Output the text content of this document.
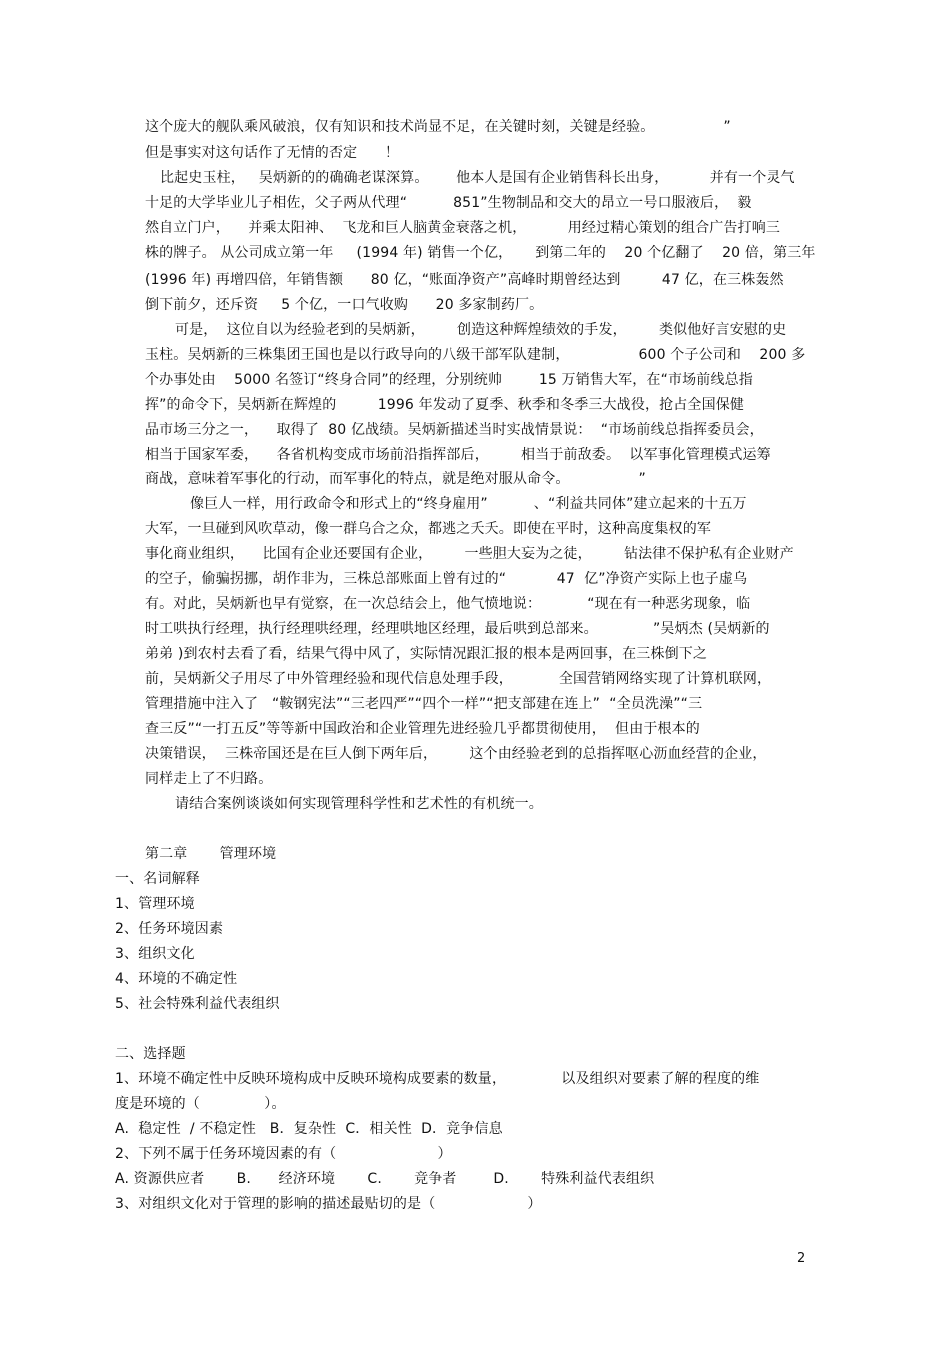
这个庞大的舰队乘风破浪，仅有知识和技术尚显不足，在关键时刻，关键是经验。               ”

但是事实对这句话作了无情的否定      ！

比起史玉柱，   吴炳新的的确确老谋深算。      他本人是国有企业销售科长出身，         并有一个灵气

十足的大学毕业儿子相佐，父子两从代理“          851”生物制品和交大的昂立一号口服液后，  毅

然自立门户，    并乘太阳神、  飞龙和巨人脑黄金衰落之机，         用经过精心策划的组合广告打响三

株的牌子。 从公司成立第一年     (1994 年) 销售一个亿，     到第二年的    20 个亿翻了    20 倍，第三年

(1996 年) 再增四倍，年销售额      80 亿，“账面净资产”高峰时期曾经达到         47 亿，在三株轰然

倒下前夕，还斥资     5 个亿，一口气收购      20 多家制药厂。

可是，  这位自以为经验老到的吴炳新，       创造这种辉煌绩效的手发，       类似他好言安慰的史

玉柱。吴炳新的三株集团王国也是以行政导向的八级干部军队建制，               600 个子公司和    200 多

个办事处由    5000 名签订“终身合同”的经理，分别统帅        15 万销售大军，在“市场前线总指

挥”的命令下，吴炳新在辉煌的         1996 年发动了夏季、秋季和冬季三大战役，抢占全国保健

品市场三分之一，    取得了  80 亿战绩。吴炳新描述当时实战情景说：  “市场前线总指挥委员会，

相当于国家军委，    各省机构变成市场前沿指挥部后，       相当于前敌委。  以军事化管理模式运筹

商战，意味着军事化的行动，而军事化的特点，就是绝对服从命令。               ”

像巨人一样，用行政命令和形式上的“终身雇用”          、“利益共同体”建立起来的十五万

大军，一旦碰到风吹草动，像一群乌合之众，都逃之夭夭。即使在平时，这种高度集权的军

事化商业组织，    比国有企业还要国有企业，       一些胆大妄为之徒，       钻法律不保护私有企业财产

的空子，偷骗拐挪，胡作非为，三株总部账面上曾有过的“           47  亿”净资产实际上也子虚乌

有。对此，吴炳新也早有觉察，在一次总结会上，他气愤地说：          “现在有一种恶劣现象，临

时工哄执行经理，执行经理哄经理，经理哄地区经理，最后哄到总部来。            ”吴炳杰 (吴炳新的

弟弟 )到农村去看了看，结果气得中风了，实际情况跟汇报的根本是两回事，在三株倒下之

前，吴炳新父子用尽了中外管理经验和现代信息处理手段，          全国营销网络实现了计算机联网，

管理措施中注入了   “鞍钢宪法”“三老四严”“四个一样”“把支部建在连上”  “全员洗澡”“三

查三反”“一打五反”等等新中国政治和企业管理先进经验几乎都贯彻使用，  但由于根本的

决策错误，  三株帝国还是在巨人倒下两年后，       这个由经验老到的总指挥呕心沥血经营的企业，

同样走上了不归路。

请结合案例谈谈如何实现管理科学性和艺术性的有机统一。

第二章       管理环境

一、名词解释

1、管理环境

2、任务环境因素

3、组织文化

4、环境的不确定性

5、社会特殊利益代表组织

二、选择题

1、环境不确定性中反映环境构成中反映环境构成要素的数量，            以及组织对要素了解的程度的维

度是环境的（              ）。

A.  稳定性  / 不稳定性   B．复杂性  C．相关性  D．竞争信息

2、下列不属于任务环境因素的有（                      ）

A. 资源供应者       B.      经济环境       C.       竞争者        D.       特殊利益代表组织

3、对组织文化对于管理的影响的描述最贴切的是（                    ）

2
